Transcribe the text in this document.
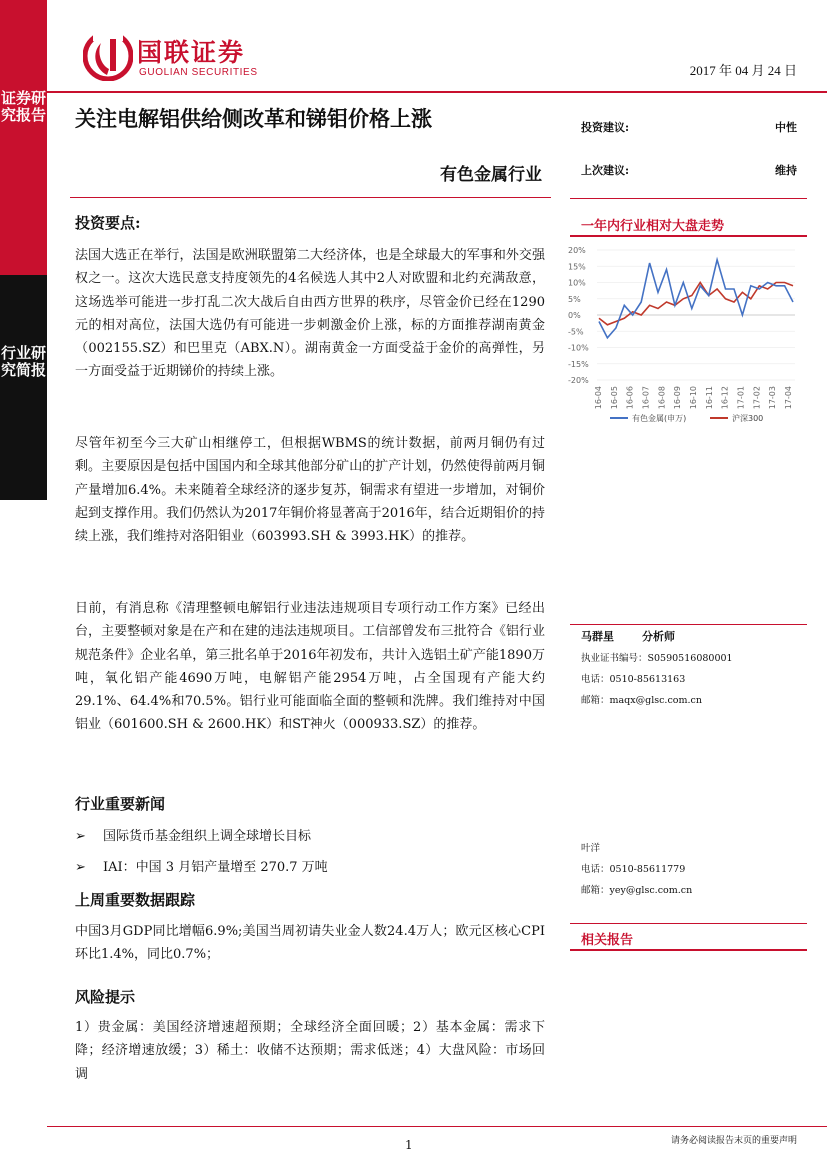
证券研究报告
行业研究简报
国联证券
GUOLIAN SECURITIES	2017 年 04 月 24 日
关注电解铝供给侧改革和锑钼价格上涨
有色金属行业
投资建议:	中性
上次建议:	维持
一年内行业相对大盘走势
20%
15%
10%
5%
0%
-5%
-10%
-15%
-20%
16-04 16-05 16-06 16-07 16-08 16-09 16-10 16-11 16-12 17-01 17-02 17-03 17-04
有色金属(申万)	沪深300
投资要点:
法国大选正在举行，法国是欧洲联盟第二大经济体，也是全球最大的军事和外交强权之一。这次大选民意支持度领先的4名候选人其中2人对欧盟和北约充满敌意，这场选举可能进一步打乱二次大战后自由西方世界的秩序，尽管金价已经在1290元的相对高位，法国大选仍有可能进一步刺激金价上涨，标的方面推荐湖南黄金（002155.SZ）和巴里克（ABX.N）。湖南黄金一方面受益于金价的高弹性，另一方面受益于近期锑价的持续上涨。
尽管年初至今三大矿山相继停工，但根据WBMS的统计数据，前两月铜仍有过剩。主要原因是包括中国国内和全球其他部分矿山的扩产计划，仍然使得前两月铜产量增加6.4%。未来随着全球经济的逐步复苏，铜需求有望进一步增加，对铜价起到支撑作用。我们仍然认为2017年铜价将显著高于2016年，结合近期钼价的持续上涨，我们维持对洛阳钼业（603993.SH & 3993.HK）的推荐。
日前，有消息称《清理整顿电解铝行业违法违规项目专项行动工作方案》已经出台，主要整顿对象是在产和在建的违法违规项目。工信部曾发布三批符合《铝行业规范条件》企业名单，第三批名单于2016年初发布，共计入选铝土矿产能1890万吨，氧化铝产能4690万吨，电解铝产能2954万吨，占全国现有产能大约29.1%、64.4%和70.5%。铝行业可能面临全面的整顿和洗牌。我们维持对中国铝业（601600.SH & 2600.HK）和ST神火（000933.SZ）的推荐。
行业重要新闻
➢ 国际货币基金组织上调全球增长目标
➢ IAI：中国 3 月铝产量增至 270.7 万吨
上周重要数据跟踪
中国3月GDP同比增幅6.9%;美国当周初请失业金人数24.4万人；欧元区核心CPI环比1.4%，同比0.7%；
风险提示
1）贵金属：美国经济增速超预期；全球经济全面回暖；2）基本金属：需求下降；经济增速放缓；3）稀土：收储不达预期；需求低迷；4）大盘风险：市场回调
马群星	分析师
执业证书编号：S0590516080001
电话：0510-85613163
邮箱：maqx@glsc.com.cn
叶洋
电话：0510-85611779
邮箱：yey@glsc.com.cn
相关报告
1	请务必阅读报告末页的重要声明
